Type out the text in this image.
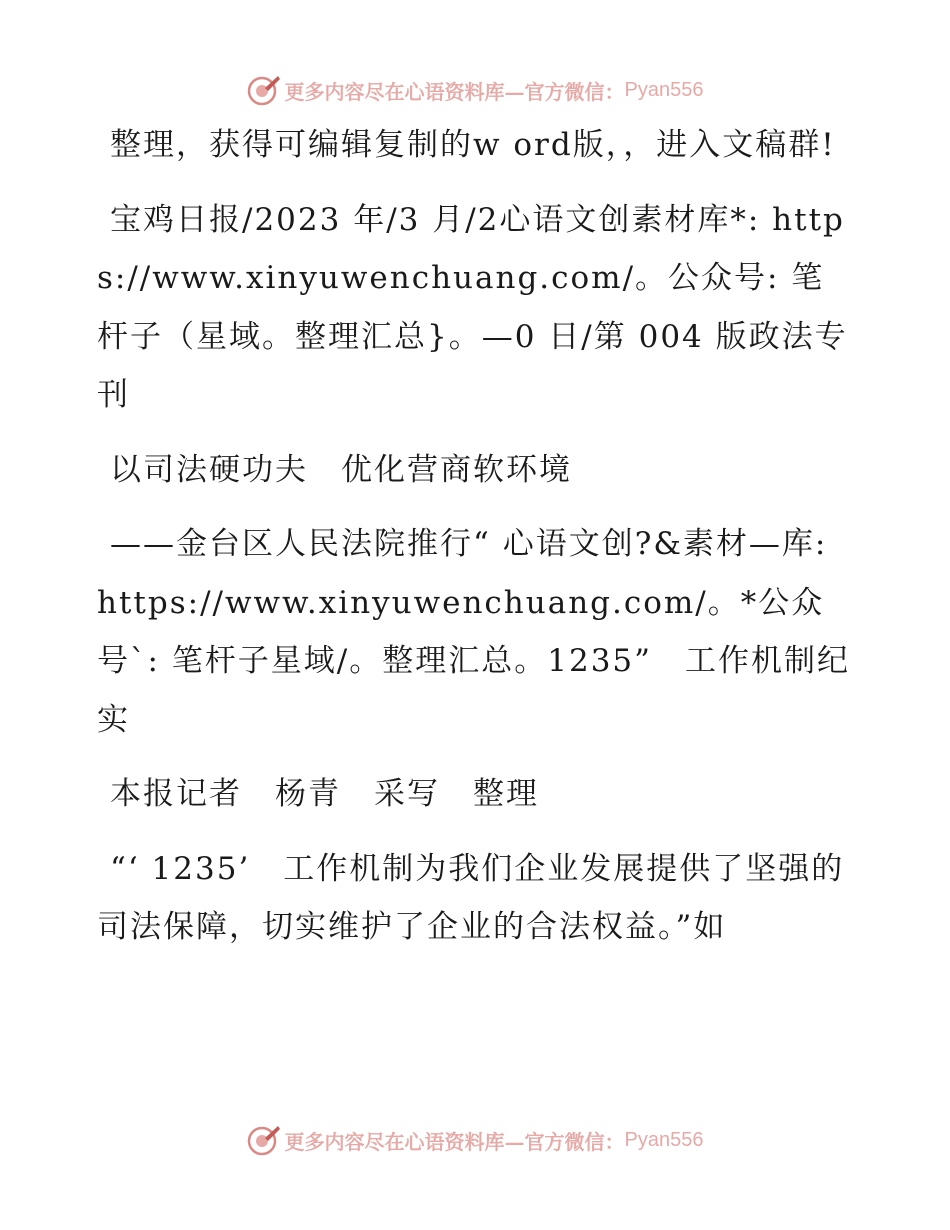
更多内容尽在心语资料库—官方微信： Pyan556

整理，获得可编辑复制的w ord版，，进入文稿群!

宝鸡日报/2023 年/3 月/2心语文创素材库*: https://www.xinyuwenchuang.com/。公众号: 笔杆子（星域。整理汇总}。—0 日/第 004 版政法专刊

以司法硬功夫　优化营商软环境

——金台区人民法院推行“ 心语文创?&素材—库: https://www.xinyuwenchuang.com/。*公众号`: 笔杆子星域/。整理汇总。1235”　工作机制纪实

本报记者　杨青　采写　整理

“‘ 1235’　工作机制为我们企业发展提供了坚强的司法保障，切实维护了企业的合法权益。”如

更多内容尽在心语资料库—官方微信： Pyan556
